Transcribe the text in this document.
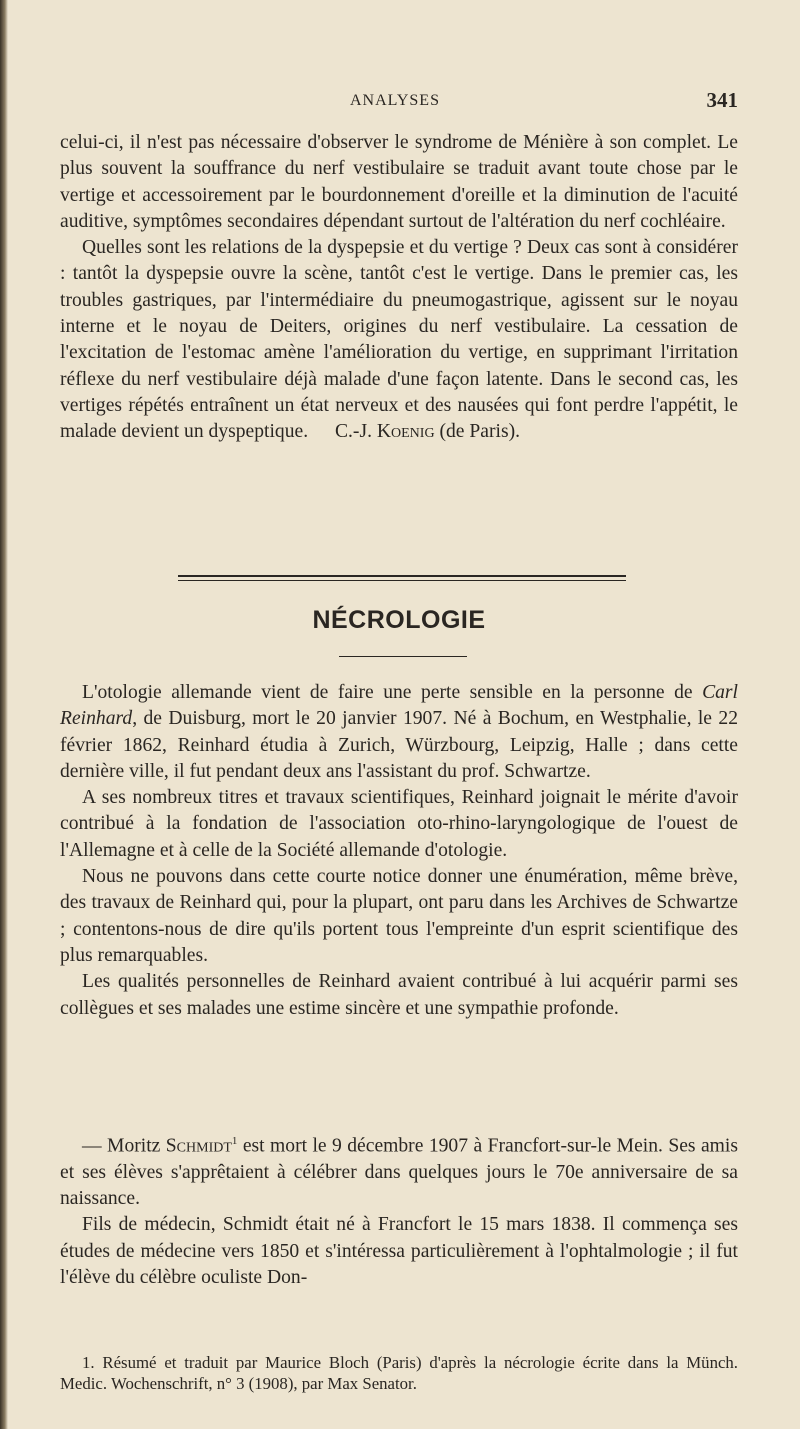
ANALYSES	341

celui-ci, il n'est pas nécessaire d'observer le syndrome de Ménière à son complet. Le plus souvent la souffrance du nerf vestibulaire se traduit avant toute chose par le vertige et accessoirement par le bourdonnement d'oreille et la diminution de l'acuité auditive, symptômes secondaires dépendant surtout de l'altération du nerf cochléaire.

Quelles sont les relations de la dyspepsie et du vertige ? Deux cas sont à considérer : tantôt la dyspepsie ouvre la scène, tantôt c'est le vertige. Dans le premier cas, les troubles gastriques, par l'intermédiaire du pneumogastrique, agissent sur le noyau interne et le noyau de Deiters, origines du nerf vestibulaire. La cessation de l'excitation de l'estomac amène l'amélioration du vertige, en supprimant l'irritation réflexe du nerf vestibulaire déjà malade d'une façon latente. Dans le second cas, les vertiges répétés entraînent un état nerveux et des nausées qui font perdre l'appétit, le malade devient un dyspeptique.	C.-J. Koenig (de Paris).

NÉCROLOGIE

L'otologie allemande vient de faire une perte sensible en la personne de Carl Reinhard, de Duisburg, mort le 20 janvier 1907. Né à Bochum, en Westphalie, le 22 février 1862, Reinhard étudia à Zurich, Würzbourg, Leipzig, Halle ; dans cette dernière ville, il fut pendant deux ans l'assistant du prof. Schwartze.

A ses nombreux titres et travaux scientifiques, Reinhard joignait le mérite d'avoir contribué à la fondation de l'association oto-rhino-laryngologique de l'ouest de l'Allemagne et à celle de la Société allemande d'otologie.

Nous ne pouvons dans cette courte notice donner une énumération, même brève, des travaux de Reinhard qui, pour la plupart, ont paru dans les Archives de Schwartze ; contentons-nous de dire qu'ils portent tous l'empreinte d'un esprit scientifique des plus remarquables.

Les qualités personnelles de Reinhard avaient contribué à lui acquérir parmi ses collègues et ses malades une estime sincère et une sympathie profonde.

— Moritz Schmidt$^1$ est mort le 9 décembre 1907 à Francfort-sur-le Mein. Ses amis et ses élèves s'apprêtaient à célébrer dans quelques jours le 70e anniversaire de sa naissance.

Fils de médecin, Schmidt était né à Francfort le 15 mars 1838. Il commença ses études de médecine vers 1850 et s'intéressa particulièrement à l'ophtalmologie ; il fut l'élève du célèbre oculiste Don-

1. Résumé et traduit par Maurice Bloch (Paris) d'après la nécrologie écrite dans la Münch. Medic. Wochenschrift, n° 3 (1908), par Max Senator.
